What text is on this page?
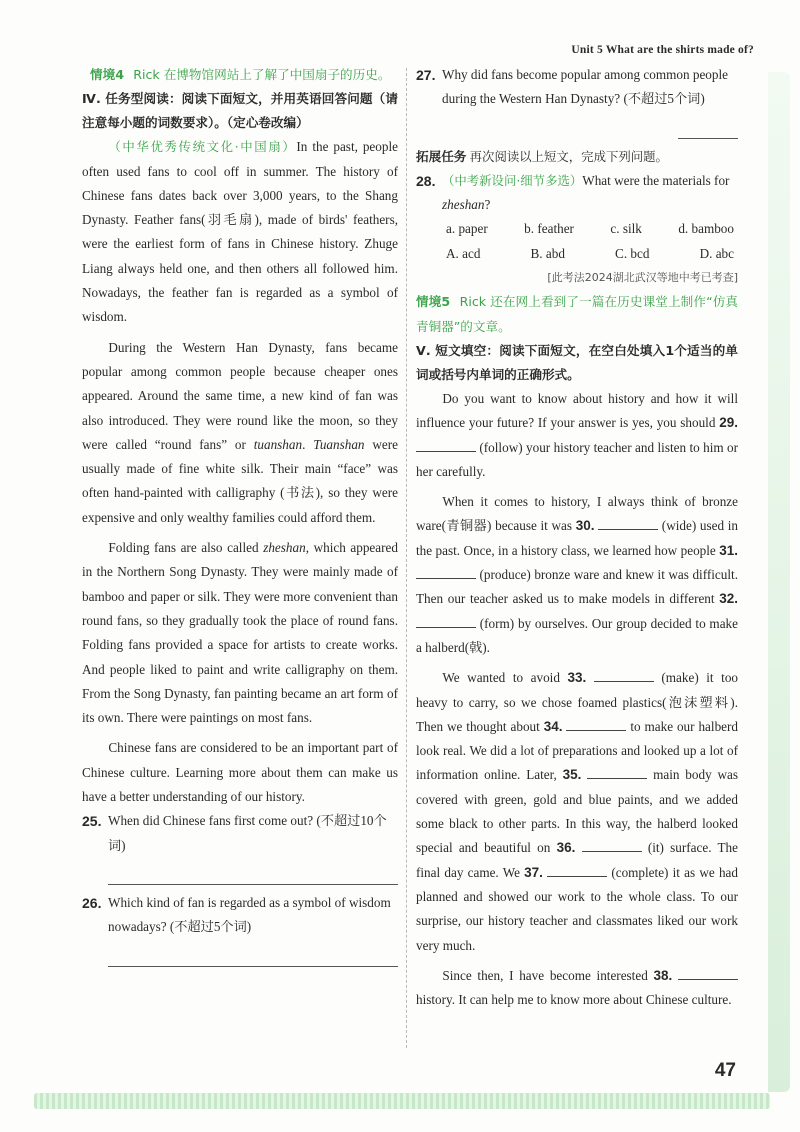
Unit 5 What are the shirts made of?

情境4 Rick 在博物馆网站上了解了中国扇子的历史。

Ⅳ. 任务型阅读：阅读下面短文，并用英语回答问题（请注意每小题的词数要求）。（定心卷改编）

（中华优秀传统文化·中国扇）In the past, people often used fans to cool off in summer. The history of Chinese fans dates back over 3,000 years, to the Shang Dynasty. Feather fans(羽毛扇), made of birds' feathers, were the earliest form of fans in Chinese history. Zhuge Liang always held one, and then others all followed him. Nowadays, the feather fan is regarded as a symbol of wisdom.

During the Western Han Dynasty, fans became popular among common people because cheaper ones appeared. Around the same time, a new kind of fan was also introduced. They were round like the moon, so they were called “round fans” or tuanshan. Tuanshan were usually made of fine white silk. Their main “face” was often hand-painted with calligraphy (书法), so they were expensive and only wealthy families could afford them.

Folding fans are also called zheshan, which appeared in the Northern Song Dynasty. They were mainly made of bamboo and paper or silk. They were more convenient than round fans, so they gradually took the place of round fans. Folding fans provided a space for artists to create works. And people liked to paint and write calligraphy on them. From the Song Dynasty, fan painting became an art form of its own. There were paintings on most fans.

Chinese fans are considered to be an important part of Chinese culture. Learning more about them can make us have a better understanding of our history.

25. When did Chinese fans first come out? (不超过10个词)
26. Which kind of fan is regarded as a symbol of wisdom nowadays? (不超过5个词)
27. Why did fans become popular among common people during the Western Han Dynasty? (不超过5个词)

拓展任务 再次阅读以上短文，完成下列问题。

28. （中考新设问·细节多选）What were the materials for zheshan?
a. paper	b. feather	c. silk	d. bamboo
A. acd	B. abd	C. bcd	D. abc

[此考法2024湖北武汉等地中考已考查]

情境5 Rick 还在网上看到了一篇在历史课堂上制作“仿真青铜器”的文章。

Ⅴ. 短文填空：阅读下面短文，在空白处填入1个适当的单词或括号内单词的正确形式。

Do you want to know about history and how it will influence your future? If your answer is yes, you should 29.  (follow) your history teacher and listen to him or her carefully.

When it comes to history, I always think of bronze ware(青铜器) because it was 30.	(wide) used in the past. Once, in a history class, we learned how people 31.  (produce) bronze ware and knew it was difficult. Then our teacher asked us to make models in different 32.  (form) by ourselves. Our group decided to make a halberd(戟).

We wanted to avoid 33.	(make) it too heavy to carry, so we chose foamed plastics(泡沫塑料). Then we thought about 34.	to make our halberd look real. We did a lot of preparations and looked up a lot of information online. Later, 35.	main body was covered with green, gold and blue paints, and we added some black to other parts. In this way, the halberd looked special and beautiful on 36.	(it) surface. The final day came. We 37.	(complete) it as we had planned and showed our work to the whole class. To our surprise, our history teacher and classmates liked our work very much.

Since then, I have become interested 38.  history. It can help me to know more about Chinese culture.

47
